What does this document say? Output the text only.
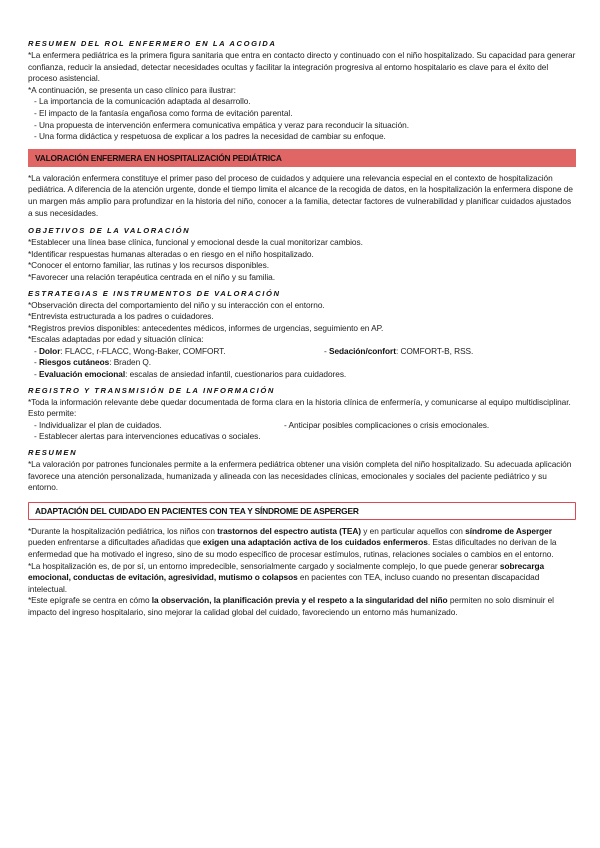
RESUMEN DEL ROL ENFERMERO EN LA ACOGIDA

*La enfermera pediátrica es la primera figura sanitaria que entra en contacto directo y continuado con el niño hospitalizado. Su capacidad para generar confianza, reducir la ansiedad, detectar necesidades ocultas y facilitar la integración progresiva al entorno hospitalario es clave para el éxito del proceso asistencial.

*A continuación, se presenta un caso clínico para ilustrar:

- La importancia de la comunicación adaptada al desarrollo.

- El impacto de la fantasía engañosa como forma de evitación parental.

- Una propuesta de intervención enfermera comunicativa empática y veraz para reconducir la situación.

- Una forma didáctica y respetuosa de explicar a los padres la necesidad de cambiar su enfoque.

VALORACIÓN ENFERMERA EN HOSPITALIZACIÓN PEDIÁTRICA

*La valoración enfermera constituye el primer paso del proceso de cuidados y adquiere una relevancia especial en el contexto de hospitalización pediátrica. A diferencia de la atención urgente, donde el tiempo limita el alcance de la recogida de datos, en la hospitalización la enfermera dispone de un margen más amplio para profundizar en la historia del niño, conocer a la familia, detectar factores de vulnerabilidad y planificar cuidados ajustados a sus necesidades.

OBJETIVOS DE LA VALORACIÓN

*Establecer una línea base clínica, funcional y emocional desde la cual monitorizar cambios.

*Identificar respuestas humanas alteradas o en riesgo en el niño hospitalizado.

*Conocer el entorno familiar, las rutinas y los recursos disponibles.

*Favorecer una relación terapéutica centrada en el niño y su familia.

ESTRATEGIAS E INSTRUMENTOS DE VALORACIÓN

*Observación directa del comportamiento del niño y su interacción con el entorno.

*Entrevista estructurada a los padres o cuidadores.

*Registros previos disponibles: antecedentes médicos, informes de urgencias, seguimiento en AP.

*Escalas adaptadas por edad y situación clínica:

- Dolor: FLACC, r-FLACC, Wong-Baker, COMFORT.	- Sedación/confort: COMFORT-B, RSS.

- Riesgos cutáneos: Braden Q.

- Evaluación emocional: escalas de ansiedad infantil, cuestionarios para cuidadores.

REGISTRO Y TRANSMISIÓN DE LA INFORMACIÓN

*Toda la información relevante debe quedar documentada de forma clara en la historia clínica de enfermería, y comunicarse al equipo multidisciplinar. Esto permite:

- Individualizar el plan de cuidados.	- Anticipar posibles complicaciones o crisis emocionales.

- Establecer alertas para intervenciones educativas o sociales.

RESUMEN

*La valoración por patrones funcionales permite a la enfermera pediátrica obtener una visión completa del niño hospitalizado. Su adecuada aplicación favorece una atención personalizada, humanizada y alineada con las necesidades clínicas, emocionales y sociales del paciente pediátrico y su entorno.

ADAPTACIÓN DEL CUIDADO EN PACIENTES CON TEA Y SÍNDROME DE ASPERGER

*Durante la hospitalización pediátrica, los niños con trastornos del espectro autista (TEA) y en particular aquellos con síndrome de Asperger pueden enfrentarse a dificultades añadidas que exigen una adaptación activa de los cuidados enfermeros. Estas dificultades no derivan de la enfermedad que ha motivado el ingreso, sino de su modo específico de procesar estímulos, rutinas, relaciones sociales o cambios en el entorno.

*La hospitalización es, de por sí, un entorno impredecible, sensorialmente cargado y socialmente complejo, lo que puede generar sobrecarga emocional, conductas de evitación, agresividad, mutismo o colapsos en pacientes con TEA, incluso cuando no presentan discapacidad intelectual.

*Este epígrafe se centra en cómo la observación, la planificación previa y el respeto a la singularidad del niño permiten no solo disminuir el impacto del ingreso hospitalario, sino mejorar la calidad global del cuidado, favoreciendo un entorno más humanizado.
